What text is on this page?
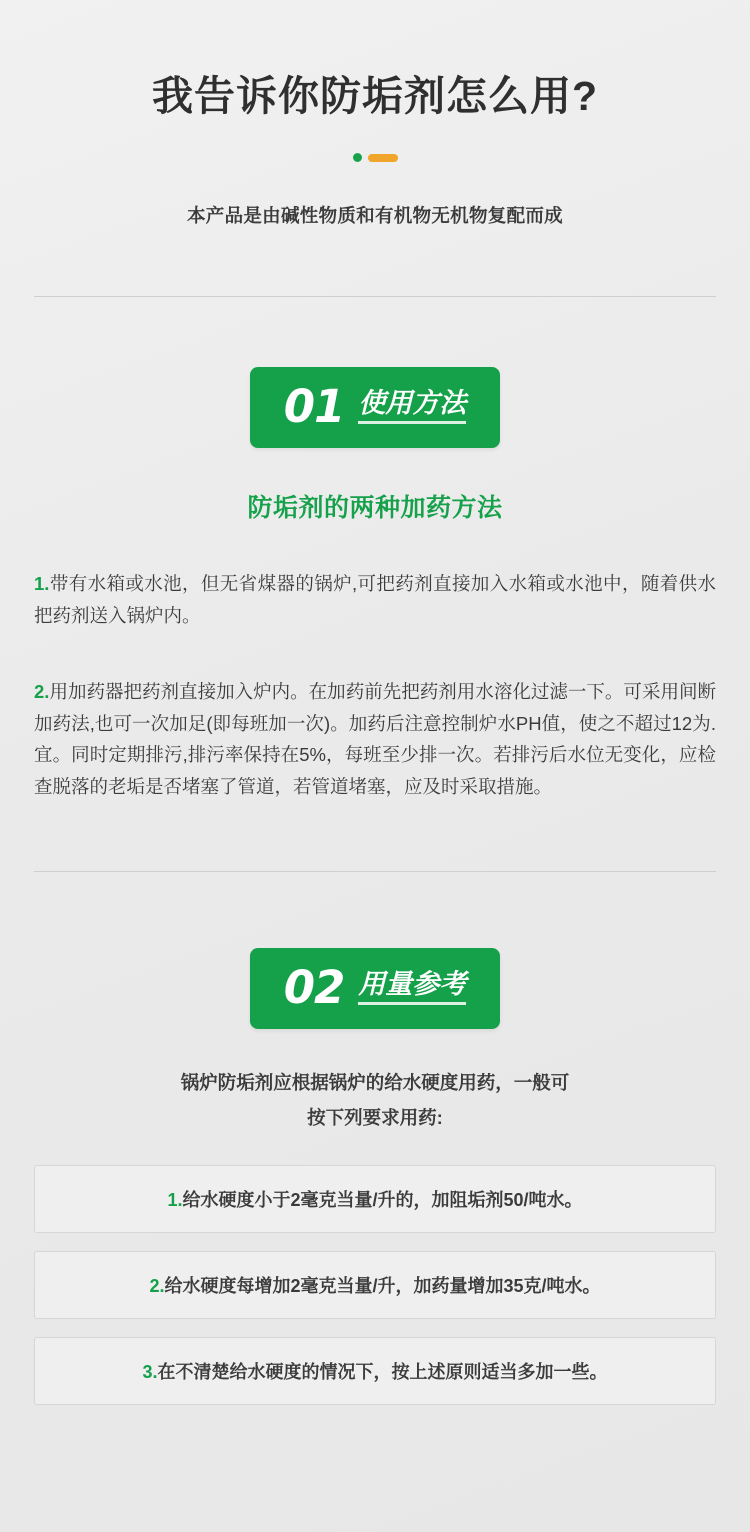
我告诉你防垢剂怎么用?

本产品是由碱性物质和有机物无机物复配而成

01 使用方法
防垢剂的两种加药方法

1.带有水箱或水池，但无省煤器的锅炉,可把药剂直接加入水箱或水池中，随着供水把药剂送入锅炉内。

2.用加药器把药剂直接加入炉内。在加药前先把药剂用水溶化过滤一下。可采用间断加药法,也可一次加足(即每班加一次)。加药后注意控制炉水PH值，使之不超过12为.宜。同时定期排污,排污率保持在5%，每班至少排一次。若排污后水位无变化，应检查脱落的老垢是否堵塞了管道，若管道堵塞，应及时采取措施。

02 用量参考
锅炉防垢剂应根据锅炉的给水硬度用药，一般可
按下列要求用药:
1.给水硬度小于2毫克当量/升的，加阻垢剂50/吨水。
2.给水硬度每增加2毫克当量/升，加药量增加35克/吨水。
3.在不清楚给水硬度的情况下，按上述原则适当多加一些。
